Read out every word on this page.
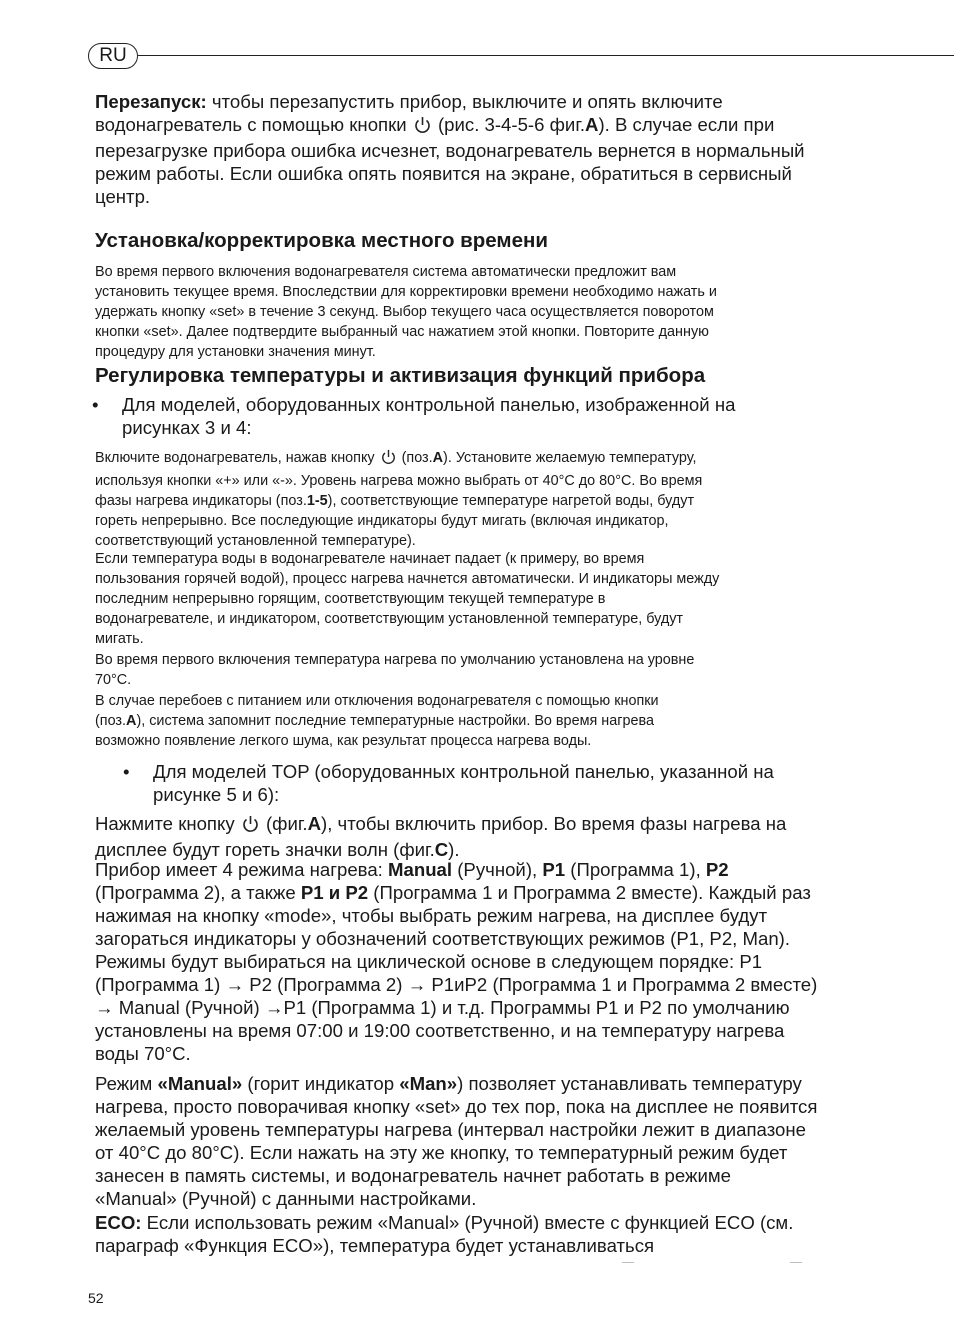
RU
Перезапуск: чтобы перезапустить прибор, выключите и опять включите
водонагреватель с помощью кнопки  (рис. 3-4-5-6 фиг.A). В случае если при
перезагрузке прибора ошибка исчезнет, водонагреватель вернется в нормальный
режим работы. Если ошибка опять появится на экране, обратиться в сервисный
центр.
Установка/корректировка местного времени
Во время первого включения водонагревателя система автоматически предложит вам
установить текущее время. Впоследствии для корректировки времени необходимо нажать и
удержать кнопку «set» в течение 3 секунд. Выбор текущего часа осуществляется поворотом
кнопки «set». Далее подтвердите выбранный час нажатием этой кнопки. Повторите данную
процедуру для установки значения минут.
Регулировка температуры и активизация функций прибора
• Для моделей, оборудованных контрольной панелью, изображенной на
рисунках 3 и 4:
Включите водонагреватель, нажав кнопку  (поз.A). Установите желаемую температуру,
используя кнопки «+» или «-». Уровень нагрева можно выбрать от 40°С до 80°С. Во время
фазы нагрева индикаторы (поз.1-5), соответствующие температуре нагретой воды, будут
гореть непрерывно. Все последующие индикаторы будут мигать (включая индикатор,
соответствующий установленной температуре).
Если температура воды в водонагревателе начинает падает (к примеру, во время
пользования горячей водой), процесс нагрева начнется автоматически. И индикаторы между
последним непрерывно горящим, соответствующим текущей температуре в
водонагревателе, и индикатором, соответствующим установленной температуре, будут
мигать.
Во время первого включения температура нагрева по умолчанию установлена на уровне
70°С.
В случае перебоев с питанием или отключения водонагревателя с помощью кнопки
(поз.A), система запомнит последние температурные настройки. Во время нагрева
возможно появление легкого шума, как результат процесса нагрева воды.
• Для моделей TOP (оборудованных контрольной панелью, указанной на
рисунке 5 и 6):
Нажмите кнопку  (фиг.A), чтобы включить прибор. Во время фазы нагрева на
дисплее будут гореть значки волн (фиг.C).
Прибор имеет 4 режима нагрева: Manual (Ручной), P1 (Программа 1), P2
(Программа 2), а также P1 и P2 (Программа 1 и Программа 2 вместе). Каждый раз
нажимая на кнопку «mode», чтобы выбрать режим нагрева, на дисплее будут
загораться индикаторы у обозначений соответствующих режимов (P1, P2, Man).
Режимы будут выбираться на циклической основе в следующем порядке: P1
(Программа 1) → P2 (Программа 2) → P1иP2 (Программа 1 и Программа 2 вместе)
→ Manual (Ручной) →P1 (Программа 1) и т.д. Программы P1 и P2 по умолчанию
установлены на время 07:00 и 19:00 соответственно, и на температуру нагрева
воды 70°С.
Режим «Manual» (горит индикатор «Man») позволяет устанавливать температуру
нагрева, просто поворачивая кнопку «set» до тех пор, пока на дисплее не появится
желаемый уровень температуры нагрева (интервал настройки лежит в диапазоне
от 40°С до 80°С). Если нажать на эту же кнопку, то температурный режим будет
занесен в память системы, и водонагреватель начнет работать в режиме
«Manual» (Ручной) с данными настройками.
ECO: Если использовать режим «Manual» (Ручной) вместе с функцией ECO (см.
параграф «Функция ECO»), температура будет устанавливаться
52
